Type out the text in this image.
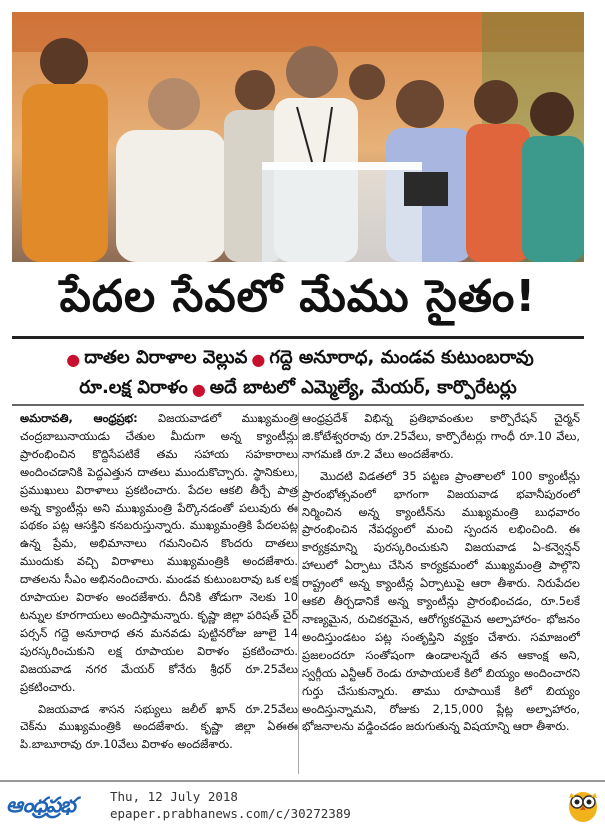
పేదల సేవలో మేము సైతం!
● దాతల విరాళాల వెల్లువ ● గద్దె అనూరాధ, మండవ కుటుంబరావు
రూ.లక్ష విరాళం ● అదే బాటలో ఎమ్మెల్యే, మేయర్, కార్పొరేటర్లు

అమరావతి, ఆంధ్రప్రభ: విజయవాడలో ముఖ్యమంత్రి చంద్రబాబునాయుడు చేతుల మీదుగా అన్న క్యాంటీన్లు ప్రారంభించిన కొద్దిసేపటికే తమ సహాయ సహకారాలు అందించడానికి పెద్దఎత్తున దాతలు ముందుకొచ్చారు. స్థానికులు, ప్రముఖులు విరాళాలు ప్రకటించారు. పేదల ఆకలి తీర్చే పాత్ర అన్న క్యాంటీన్లు అని ముఖ్యమంత్రి పేర్కొనడంతో పలువురు ఈ పథకం పట్ల ఆసక్తిని కనబరుస్తున్నారు. ముఖ్యమంత్రికి పేదలపట్ల ఉన్న ప్రేమ, అభిమానాలు గమనించిన కొందరు దాతలు ముందుకు వచ్చి విరాళాలు ముఖ్యమంత్రికి అందజేశారు. దాతలను సీఎం అభినందించారు. మండవ కుటుంబరావు ఒక లక్ష రూపాయల విరాళం అందజేశారు. దీనికి తోడుగా నెలకు 10 టన్నుల కూరగాయలు అందిస్తామన్నారు. కృష్ణా జిల్లా పరిషత్ చైర్ పర్సన్ గద్దె అనూరాధ తన మనవడు పుట్టినరోజు జూలై 14 పురస్కరించుకుని లక్ష రూపాయల విరాళం ప్రకటించారు. విజయవాడ నగర మేయర్ కోనేరు శ్రీధర్ రూ.25వేలు ప్రకటించారు.

విజయవాడ శాసన సభ్యులు జలీల్ ఖాన్ రూ.25వేలు చెక్‌ను ముఖ్యమంత్రికి అందజేశారు. కృష్ణా జిల్లా ఏఈఈ పి.బాబూరావు రూ.10వేలు విరాళం అందజేశారు.

ఆంధ్రప్రదేశ్ విభిన్న ప్రతిభావంతుల కార్పొరేషన్ చైర్మన్ జి.కోటేశ్వరరావు రూ.25వేలు, కార్పొరేటర్లు గాంధీ రూ.10 వేలు, నాగమణి రూ.2 వేలు అందజేశారు.

మొదటి విడతలో 35 పట్టణ ప్రాంతాలలో 100 క్యాంటీన్లు ప్రారంభోత్సవంలో భాగంగా విజయవాడ భవానీపురంలో నిర్మించిన అన్న క్యాంటీన్‌ను ముఖ్యమంత్రి బుధవారం ప్రారంభించిన నేపధ్యంలో మంచి స్పందన లభించింది. ఈ కార్యక్రమాన్ని పురస్కరించుకుని విజయవాడ ఏ-కన్వెన్షన్ హాలులో ఏర్పాటు చేసిన కార్యక్రమంలో ముఖ్యమంత్రి పాల్గొని రాష్ట్రంలో అన్న క్యాంటీన్ల ఏర్పాటుపై ఆరా తీశారు. నిరుపేదల ఆకలి తీర్చడానికే అన్న క్యాంటీన్లు ప్రారంభించడం, రూ.5లకే నాణ్యమైన, రుచికరమైన, ఆరోగ్యకరమైన అల్పాహారం- భోజనం అందిస్తుండటం పట్ల సంతృప్తిని వ్యక్తం చేశారు. సమాజంలో ప్రజలందరూ సంతోషంగా ఉండాలన్నదే తన ఆకాంక్ష అని, స్వర్గీయ ఎన్టీఆర్ రెండు రూపాయలకే కిలో బియ్యం అందించారని గుర్తు చేసుకున్నారు. తాము రూపాయికే కిలో బియ్యం అందిస్తున్నామని, రోజుకు 2,15,000 ప్లేట్ల అల్పాహారం, భోజనాలను వడ్డించడం జరుగుతున్న విషయాన్ని ఆరా తీశారు.

ఆంధ్రప్రభ	Thu, 12 July 2018
epaper.prabhanews.com/c/30272389
